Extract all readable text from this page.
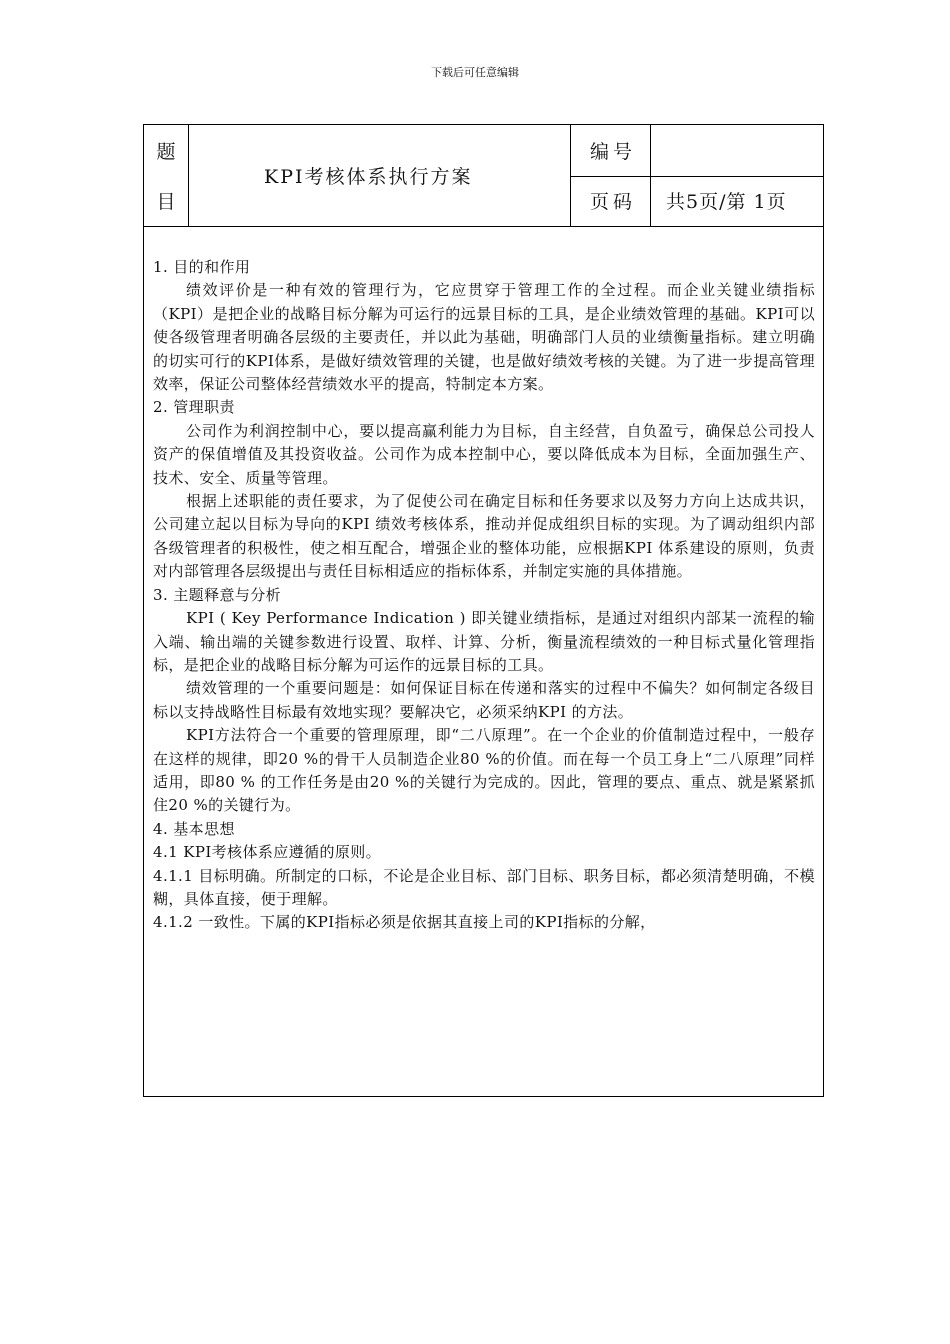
下载后可任意编辑
题
目
KPI考核体系执行方案
编号
页码 共5页/第 1页

1. 目的和作用

绩效评价是一种有效的管理行为，它应贯穿于管理工作的全过程。而企业关键业绩指标（KPI）是把企业的战略目标分解为可运行的远景目标的工具，是企业绩效管理的基础。KPI可以使各级管理者明确各层级的主要责任，并以此为基础，明确部门人员的业绩衡量指标。建立明确的切实可行的KPI体系，是做好绩效管理的关键，也是做好绩效考核的关键。为了进一步提高管理效率，保证公司整体经营绩效水平的提高，特制定本方案。

2. 管理职责

公司作为利润控制中心，要以提高赢利能力为目标，自主经营，自负盈亏，确保总公司投人资产的保值增值及其投资收益。公司作为成本控制中心，要以降低成本为目标，全面加强生产、技术、安全、质量等管理。

根据上述职能的责任要求，为了促使公司在确定目标和任务要求以及努力方向上达成共识，公司建立起以目标为导向的KPI 绩效考核体系，推动并促成组织目标的实现。为了调动组织内部各级管理者的积极性，使之相互配合，增强企业的整体功能，应根据KPI 体系建设的原则，负责对内部管理各层级提出与责任目标相适应的指标体系，并制定实施的具体措施。

3. 主题释意与分析

KPI ( Key Performance Indication ) 即关键业绩指标，是通过对组织内部某一流程的输入端、输出端的关键参数进行设置、取样、计算、分析，衡量流程绩效的一种目标式量化管理指标，是把企业的战略目标分解为可运作的远景目标的工具。

绩效管理的一个重要问题是：如何保证目标在传递和落实的过程中不偏失？如何制定各级目标以支持战略性目标最有效地实现？要解决它，必须采纳KPI 的方法。

KPI方法符合一个重要的管理原理，即“二八原理”。在一个企业的价值制造过程中，一般存在这样的规律，即20 %的骨干人员制造企业80 %的价值。而在每一个员工身上“二八原理”同样适用，即80 % 的工作任务是由20 %的关键行为完成的。因此，管理的要点、重点、就是紧紧抓住20 %的关键行为。

4. 基本思想

4.1 KPI考核体系应遵循的原则。

4.1.1 目标明确。所制定的口标，不论是企业目标、部门目标、职务目标，都必须清楚明确，不模糊，具体直接，便于理解。

4.1.2 一致性。下属的KPI指标必须是依据其直接上司的KPI指标的分解，
